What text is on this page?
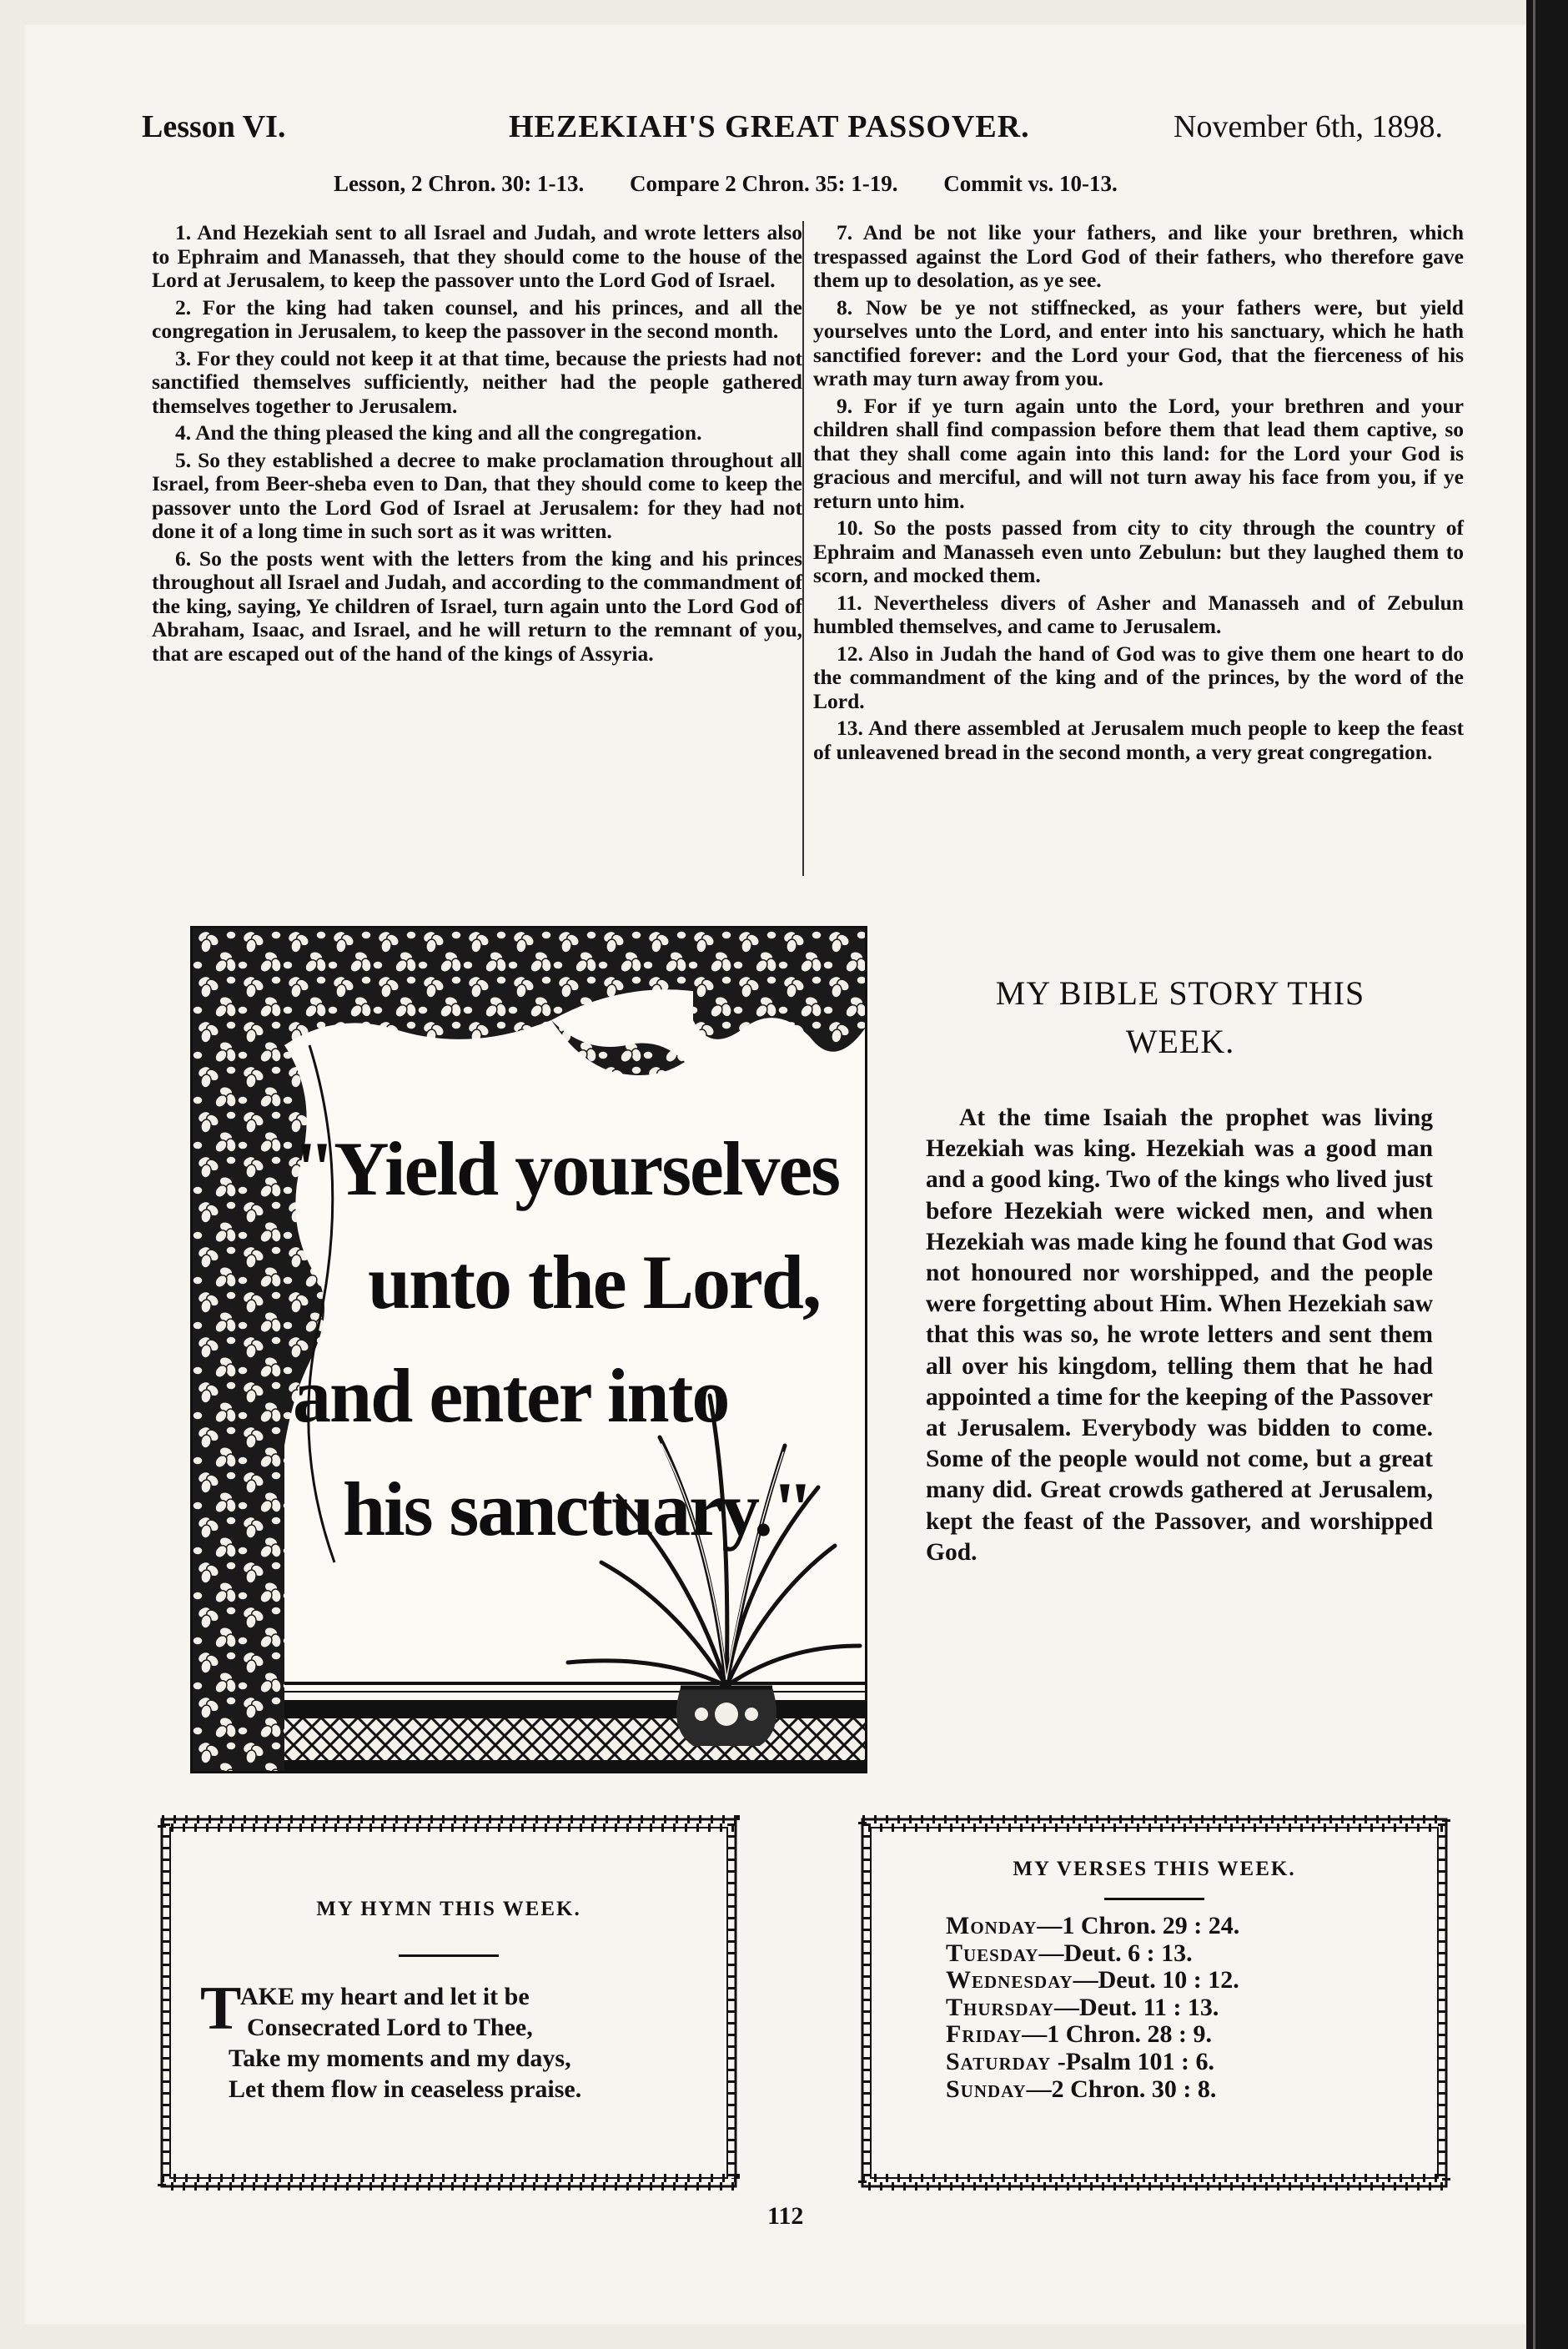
Lesson VI.	HEZEKIAH'S GREAT PASSOVER.	November 6th, 1898.
Lesson, 2 Chron. 30: 1-13. Compare 2 Chron. 35: 1-19. Commit vs. 10-13.

1. And Hezekiah sent to all Israel and Judah, and wrote letters also to Ephraim and Manasseh, that they should come to the house of the Lord at Jerusalem, to keep the passover unto the Lord God of Israel.

2. For the king had taken counsel, and his princes, and all the congregation in Jerusalem, to keep the passover in the second month.

3. For they could not keep it at that time, because the priests had not sanctified themselves sufficiently, neither had the people gathered themselves together to Jerusalem.

4. And the thing pleased the king and all the congregation.

5. So they established a decree to make proclamation throughout all Israel, from Beer-sheba even to Dan, that they should come to keep the passover unto the Lord God of Israel at Jerusalem: for they had not done it of a long time in such sort as it was written.

6. So the posts went with the letters from the king and his princes throughout all Israel and Judah, and according to the commandment of the king, saying, Ye children of Israel, turn again unto the Lord God of Abraham, Isaac, and Israel, and he will return to the remnant of you, that are escaped out of the hand of the kings of Assyria.

7. And be not like your fathers, and like your brethren, which trespassed against the Lord God of their fathers, who therefore gave them up to desolation, as ye see.

8. Now be ye not stiffnecked, as your fathers were, but yield yourselves unto the Lord, and enter into his sanctuary, which he hath sanctified forever: and the Lord your God, that the fierceness of his wrath may turn away from you.

9. For if ye turn again unto the Lord, your brethren and your children shall find compassion before them that lead them captive, so that they shall come again into this land: for the Lord your God is gracious and merciful, and will not turn away his face from you, if ye return unto him.

10. So the posts passed from city to city through the country of Ephraim and Manasseh even unto Zebulun: but they laughed them to scorn, and mocked them.

11. Nevertheless divers of Asher and Manasseh and of Zebulun humbled themselves, and came to Jerusalem.

12. Also in Judah the hand of God was to give them one heart to do the commandment of the king and of the princes, by the word of the Lord.

13. And there assembled at Jerusalem much people to keep the feast of unleavened bread in the second month, a very great congregation.

"Yield yourselves
unto the Lord,
and enter into
his sanctuary."
MY BIBLE STORY THIS
WEEK.
At the time Isaiah the prophet was living Hezekiah was king. Hezekiah was a good man and a good king. Two of the kings who lived just before Hezekiah were wicked men, and when Hezekiah was made king he found that God was not honoured nor worshipped, and the people were forgetting about Him. When Hezekiah saw that this was so, he wrote letters and sent them all over his kingdom, telling them that he had appointed a time for the keeping of the Passover at Jerusalem. Everybody was bidden to come. Some of the people would not come, but a great many did. Great crowds gathered at Jerusalem, kept the feast of the Passover, and worshipped God.
MY HYMN THIS WEEK.
T
AKE my heart and let it be
Consecrated Lord to Thee,
Take my moments and my days,
Let them flow in ceaseless praise.
MY VERSES THIS WEEK.
Monday—1 Chron. 29 : 24.
Tuesday—Deut. 6 : 13.
Wednesday—Deut. 10 : 12.
Thursday—Deut. 11 : 13.
Friday—1 Chron. 28 : 9.
Saturday -Psalm 101 : 6.
Sunday—2 Chron. 30 : 8.
112
